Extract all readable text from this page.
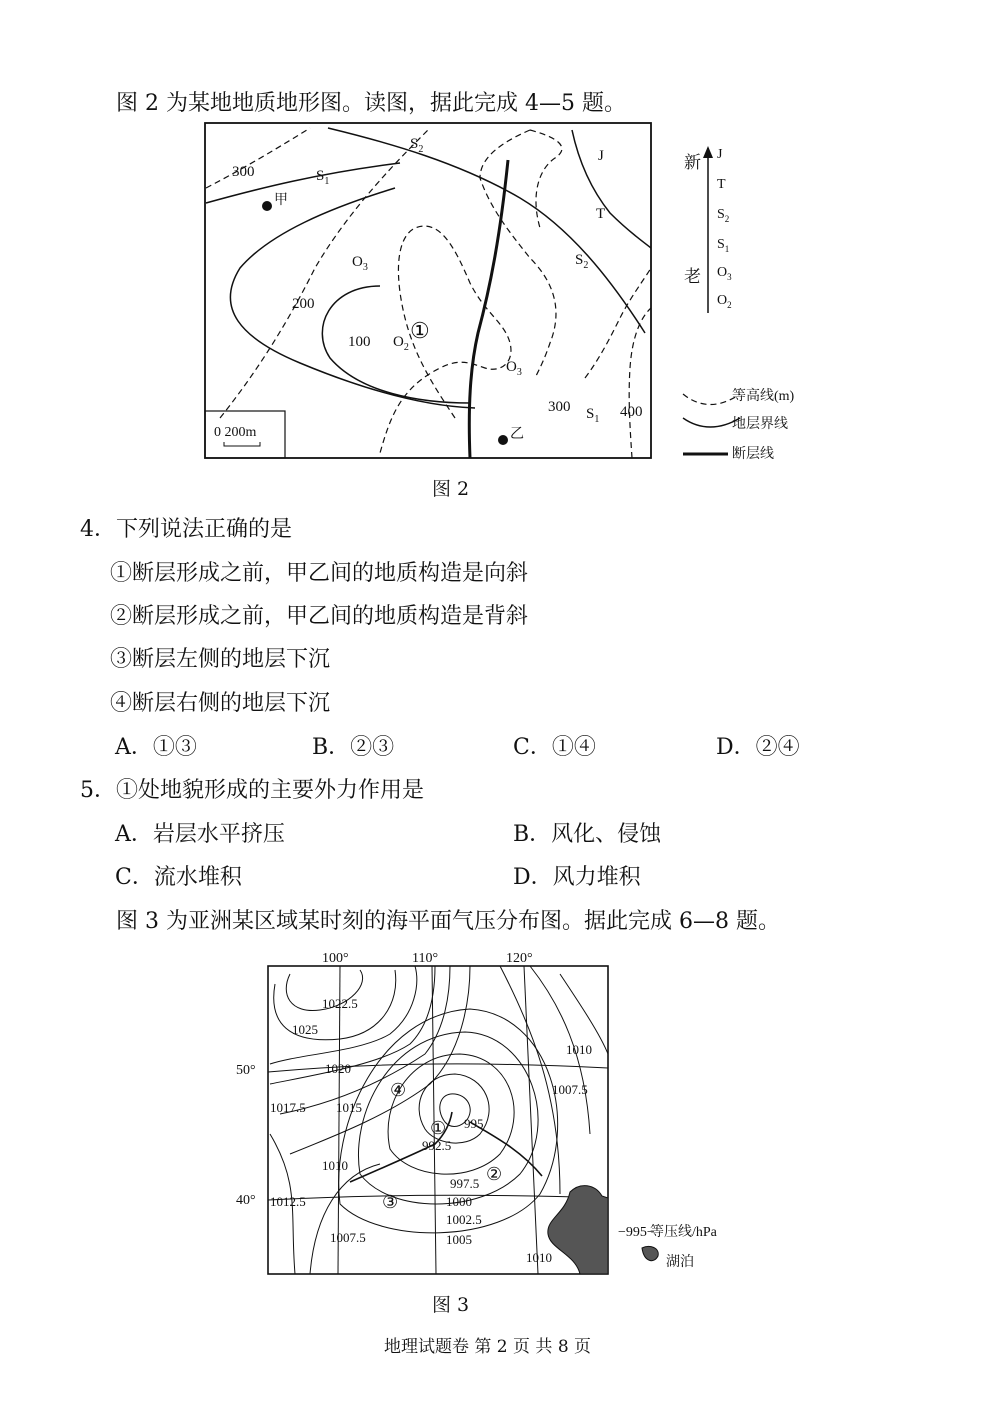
图 2 为某地地质地形图。读图，据此完成 4—5 题。
0 200m
300
200
100
300	400
$S_1$
$S_2$	J
T
$O_3$
$O_2$
①
$S_2$
$O_3$
$S_1$
甲
乙
新
老
J
T
$S_2$
$S_1$
$O_3$
$O_2$
等高线(m)
地层界线
断层线
图 2
4．下列说法正确的是
①断层形成之前，甲乙间的地质构造是向斜
②断层形成之前，甲乙间的地质构造是背斜
③断层左侧的地层下沉
④断层右侧的地层下沉
A．①③	B．②③	C．①④	D．②④
5．①处地貌形成的主要外力作用是
A．岩层水平挤压	B．风化、侵蚀
C．流水堆积	D．风力堆积
图 3 为亚洲某区域某时刻的海平面气压分布图。据此完成 6—8 题。
100°	110°	120°
50°
40°
1022.5
1025
1020
1017.5 1015
1010
1012.5
1007.5
995
992.5
997.5
1000
1002.5
1005
1010
1007.5
1010
①
②
③
④
−995−
等压线/hPa
湖泊
图 3
地理试题卷 第 2 页 共 8 页
